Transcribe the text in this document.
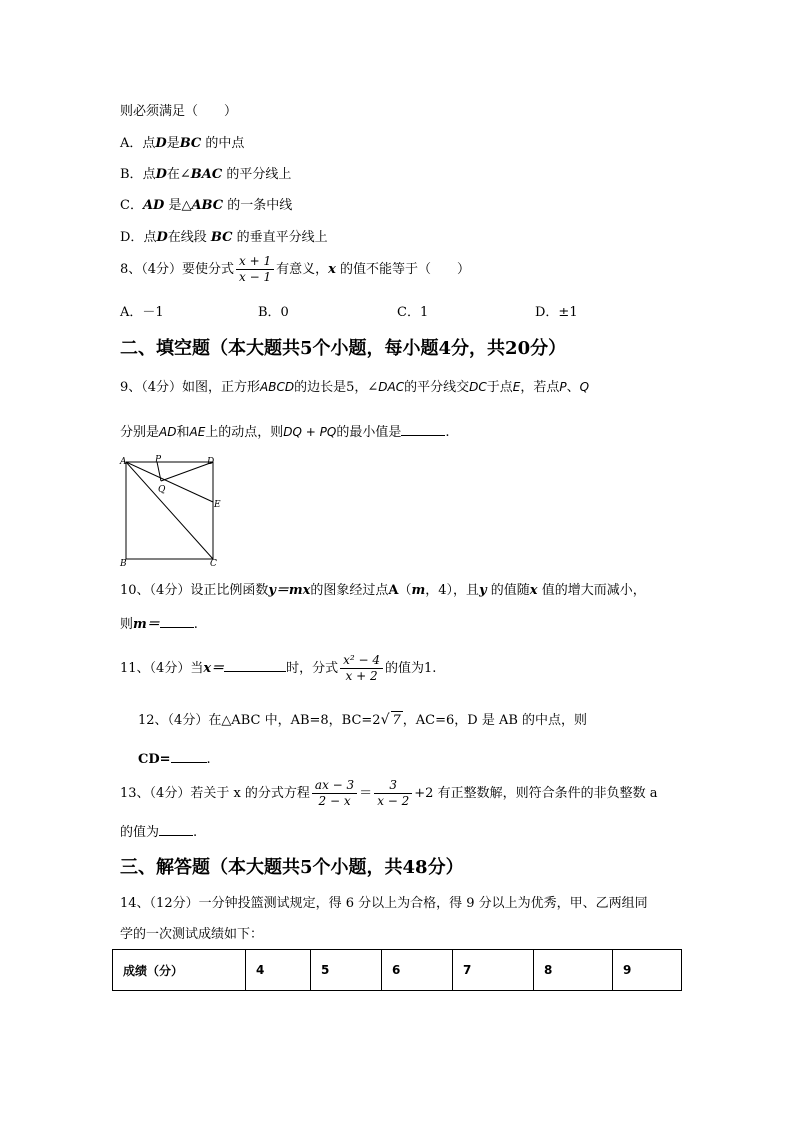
则必须满足（　　）
A．点D是BC 的中点
B．点D在∠BAC 的平分线上
C．AD 是△ABC 的一条中线
D．点D在线段 BC 的垂直平分线上
8、（4分）要使分式 $\frac{x + 1}{x - 1}$ 有意义，x 的值不能等于（　　）
A．－1	B．0	C．1	D．±1
二、填空题（本大题共5个小题，每小题4分，共20分）
9、（4分）如图，正方形ABCD的边长是5，∠DAC的平分线交DC于点E，若点P、Q
分别是AD和AE上的动点，则DQ + PQ的最小值是	.
A	P	D
Q
E
B	C
10、（4分）设正比例函数y＝mx的图象经过点A（m，4），且y 的值随x 值的增大而减小，
则m＝	.
11、（4分）当x＝	时，分式 $\frac{\text{x² − 4}}{x + 2}$ 的值为1.
12、（4分）在△ABC 中，AB=8，BC=2√ 7 ，AC=6，D 是 AB 的中点，则
CD=	.
13、（4分）若关于 x 的分式方程 $\frac{ax - 3}{2 - x} = \frac{3}{x - 2} +2$ 有正整数解，则符合条件的非负整数 a
的值为	.
三、解答题（本大题共5个小题，共48分）
14、（12分）一分钟投篮测试规定，得 6 分以上为合格，得 9 分以上为优秀，甲、乙两组同
学的一次测试成绩如下：
成绩（分）	4	5	6	7	8	9
